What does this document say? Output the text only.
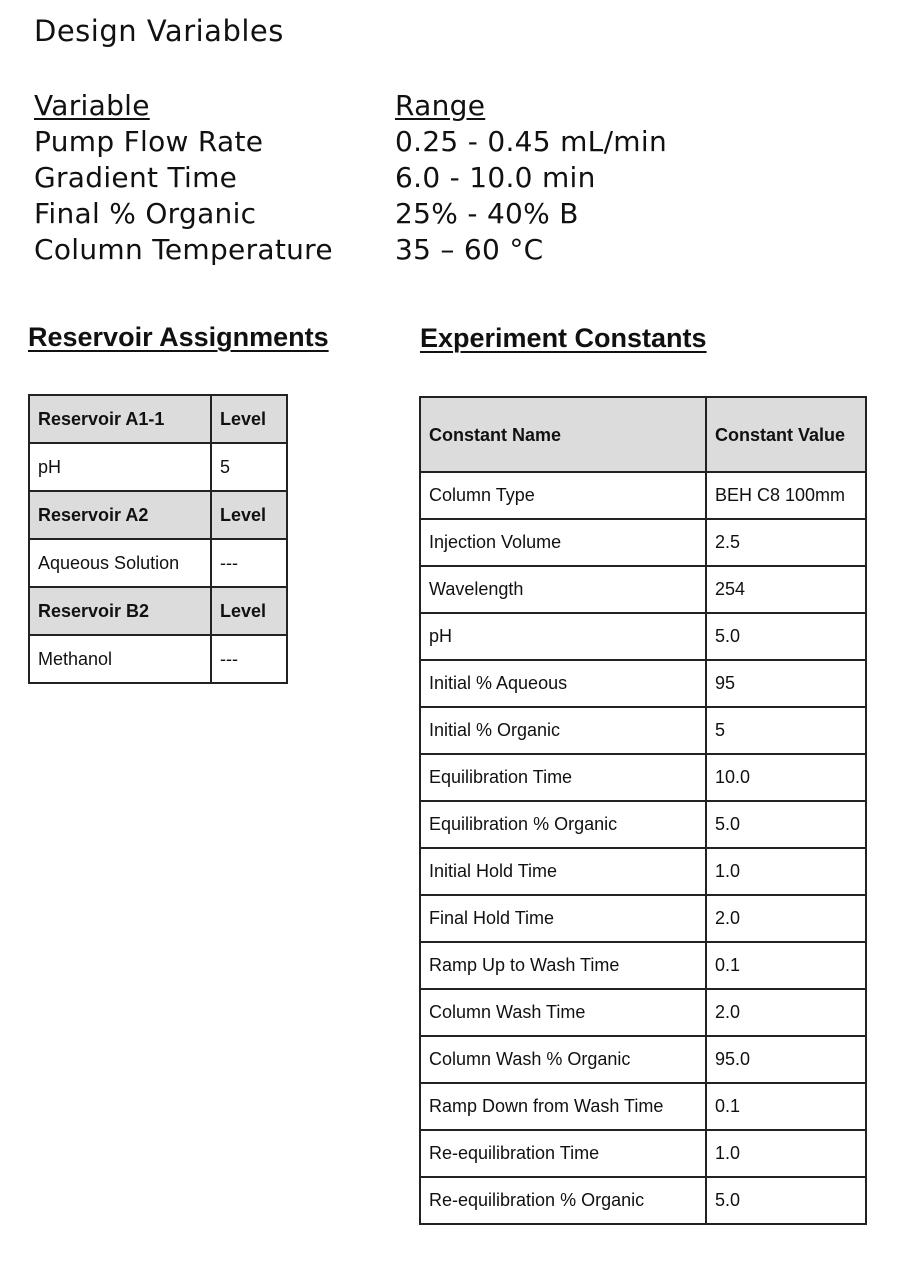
Design Variables
Variable	Range
Pump Flow Rate	0.25 - 0.45 mL/min
Gradient Time	6.0 - 10.0 min
Final % Organic	25% - 40% B
Column Temperature	35 – 60 °C
Reservoir Assignments	Experiment Constants
Reservoir A1-1	Level
pH	5
Reservoir A2	Level
Aqueous Solution	---
Reservoir B2	Level
Methanol	---
Constant Name	Constant Value
Column Type	BEH C8 100mm
Injection Volume	2.5
Wavelength	254
pH	5.0
Initial % Aqueous	95
Initial % Organic	5
Equilibration Time	10.0
Equilibration % Organic	5.0
Initial Hold Time	1.0
Final Hold Time	2.0
Ramp Up to Wash Time	0.1
Column Wash Time	2.0
Column Wash % Organic	95.0
Ramp Down from Wash Time	0.1
Re-equilibration Time	1.0
Re-equilibration % Organic	5.0
